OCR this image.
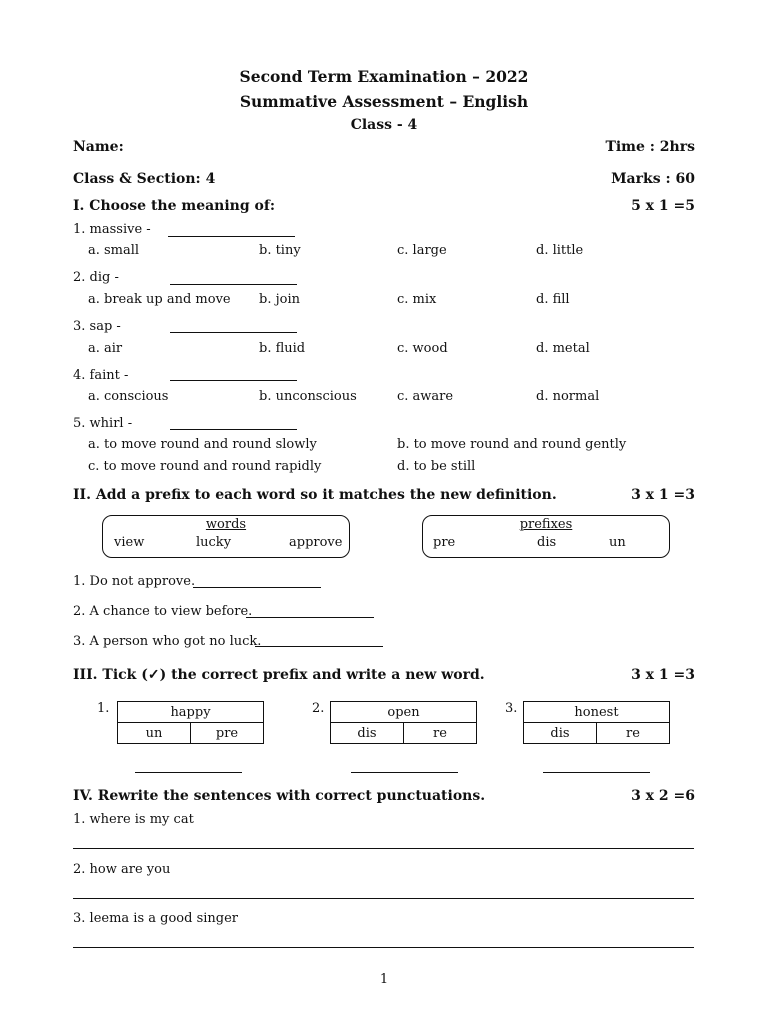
Second Term Examination – 2022
Summative Assessment – English
Class - 4
Name:	Time : 2hrs
Class & Section: 4	Marks : 60
I. Choose the meaning of:	5 x 1 =5
1. massive -
a. small	b. tiny	c. large	d. little
2. dig -
a. break up and move b. join	c. mix	d. fill
3. sap -
a. air	b. fluid	c. wood	d. metal
4. faint -
a. conscious	b. unconscious	c. aware	d. normal
5. whirl -
a. to move round and round slowly	b. to move round and round gently
c. to move round and round rapidly	d. to be still
II. Add a prefix to each word so it matches the new definition.	3 x 1 =3
words
view	lucky	approve
prefixes
pre	dis	un
1. Do not approve.
2. A chance to view before.
3. A person who got no luck.
III. Tick (✓) the correct prefix and write a new word.	3 x 1 =3
1.	happy
un	pre
2.	open
dis	re
3.	honest
dis	re
IV. Rewrite the sentences with correct punctuations.	3 x 2 =6
1. where is my cat
2. how are you
3. leema is a good singer
1
